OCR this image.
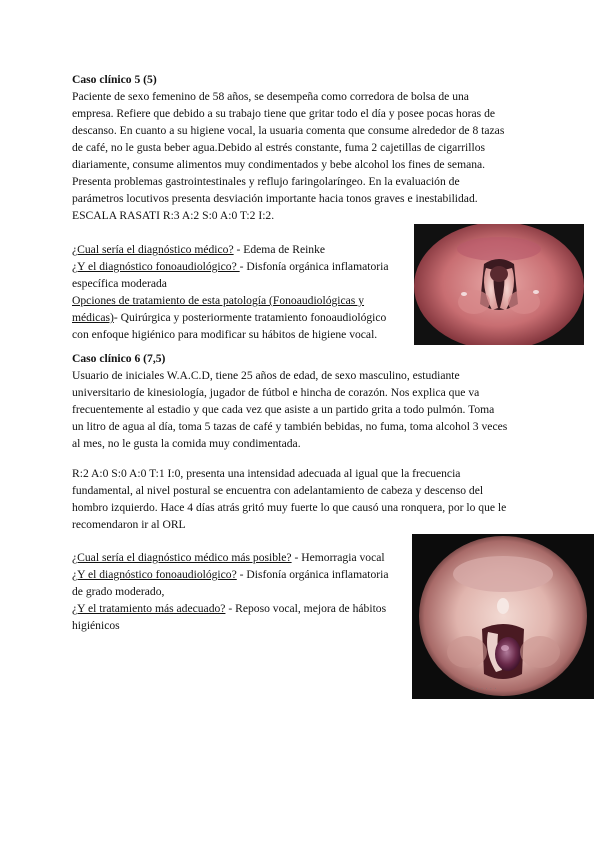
Caso clínico 5 (5)
Paciente de sexo femenino de 58 años, se desempeña como corredora de bolsa de una
empresa. Refiere que debido a su trabajo tiene que gritar todo el día y posee pocas horas de
descanso. En cuanto a su higiene vocal, la usuaria comenta que consume alrededor de 8 tazas
de café, no le gusta beber agua.Debido al estrés constante, fuma 2 cajetillas de cigarrillos
diariamente, consume alimentos muy condimentados y bebe alcohol los fines de semana.
Presenta problemas gastrointestinales y reflujo faringolaríngeo. En la evaluación de
parámetros locutivos presenta desviación importante hacia tonos graves e inestabilidad.
ESCALA RASATI R:3 A:2 S:0 A:0 T:2 I:2.
¿Cual sería el diagnóstico médico? - Edema de Reinke
¿Y el diagnóstico fonoaudiológico? - Disfonía orgánica inflamatoria
específica moderada
Opciones de tratamiento de esta patología (Fonoaudiológicas y
médicas)- Quirúrgica y posteriormente tratamiento fonoaudiológico
con enfoque higiénico para modificar su hábitos de higiene vocal.
Caso clínico 6 (7,5)
Usuario de iniciales W.A.C.D, tiene 25 años de edad, de sexo masculino, estudiante
universitario de kinesiología, jugador de fútbol e hincha de corazón. Nos explica que va
frecuentemente al estadio y que cada vez que asiste a un partido grita a todo pulmón. Toma
un litro de agua al día, toma 5 tazas de café y también bebidas, no fuma, toma alcohol 3 veces
al mes, no le gusta la comida muy condimentada.
R:2 A:0 S:0 A:0 T:1 I:0, presenta una intensidad adecuada al igual que la frecuencia
fundamental, al nivel postural se encuentra con adelantamiento de cabeza y descenso del
hombro izquierdo. Hace 4 días atrás gritó muy fuerte lo que causó una ronquera, por lo que le
recomendaron ir al ORL
¿Cual sería el diagnóstico médico más posible? - Hemorragia vocal
¿Y el diagnóstico fonoaudiológico? - Disfonía orgánica inflamatoria
de grado moderado,
¿Y el tratamiento más adecuado? - Reposo vocal, mejora de hábitos
higiénicos
· · · · · ·
